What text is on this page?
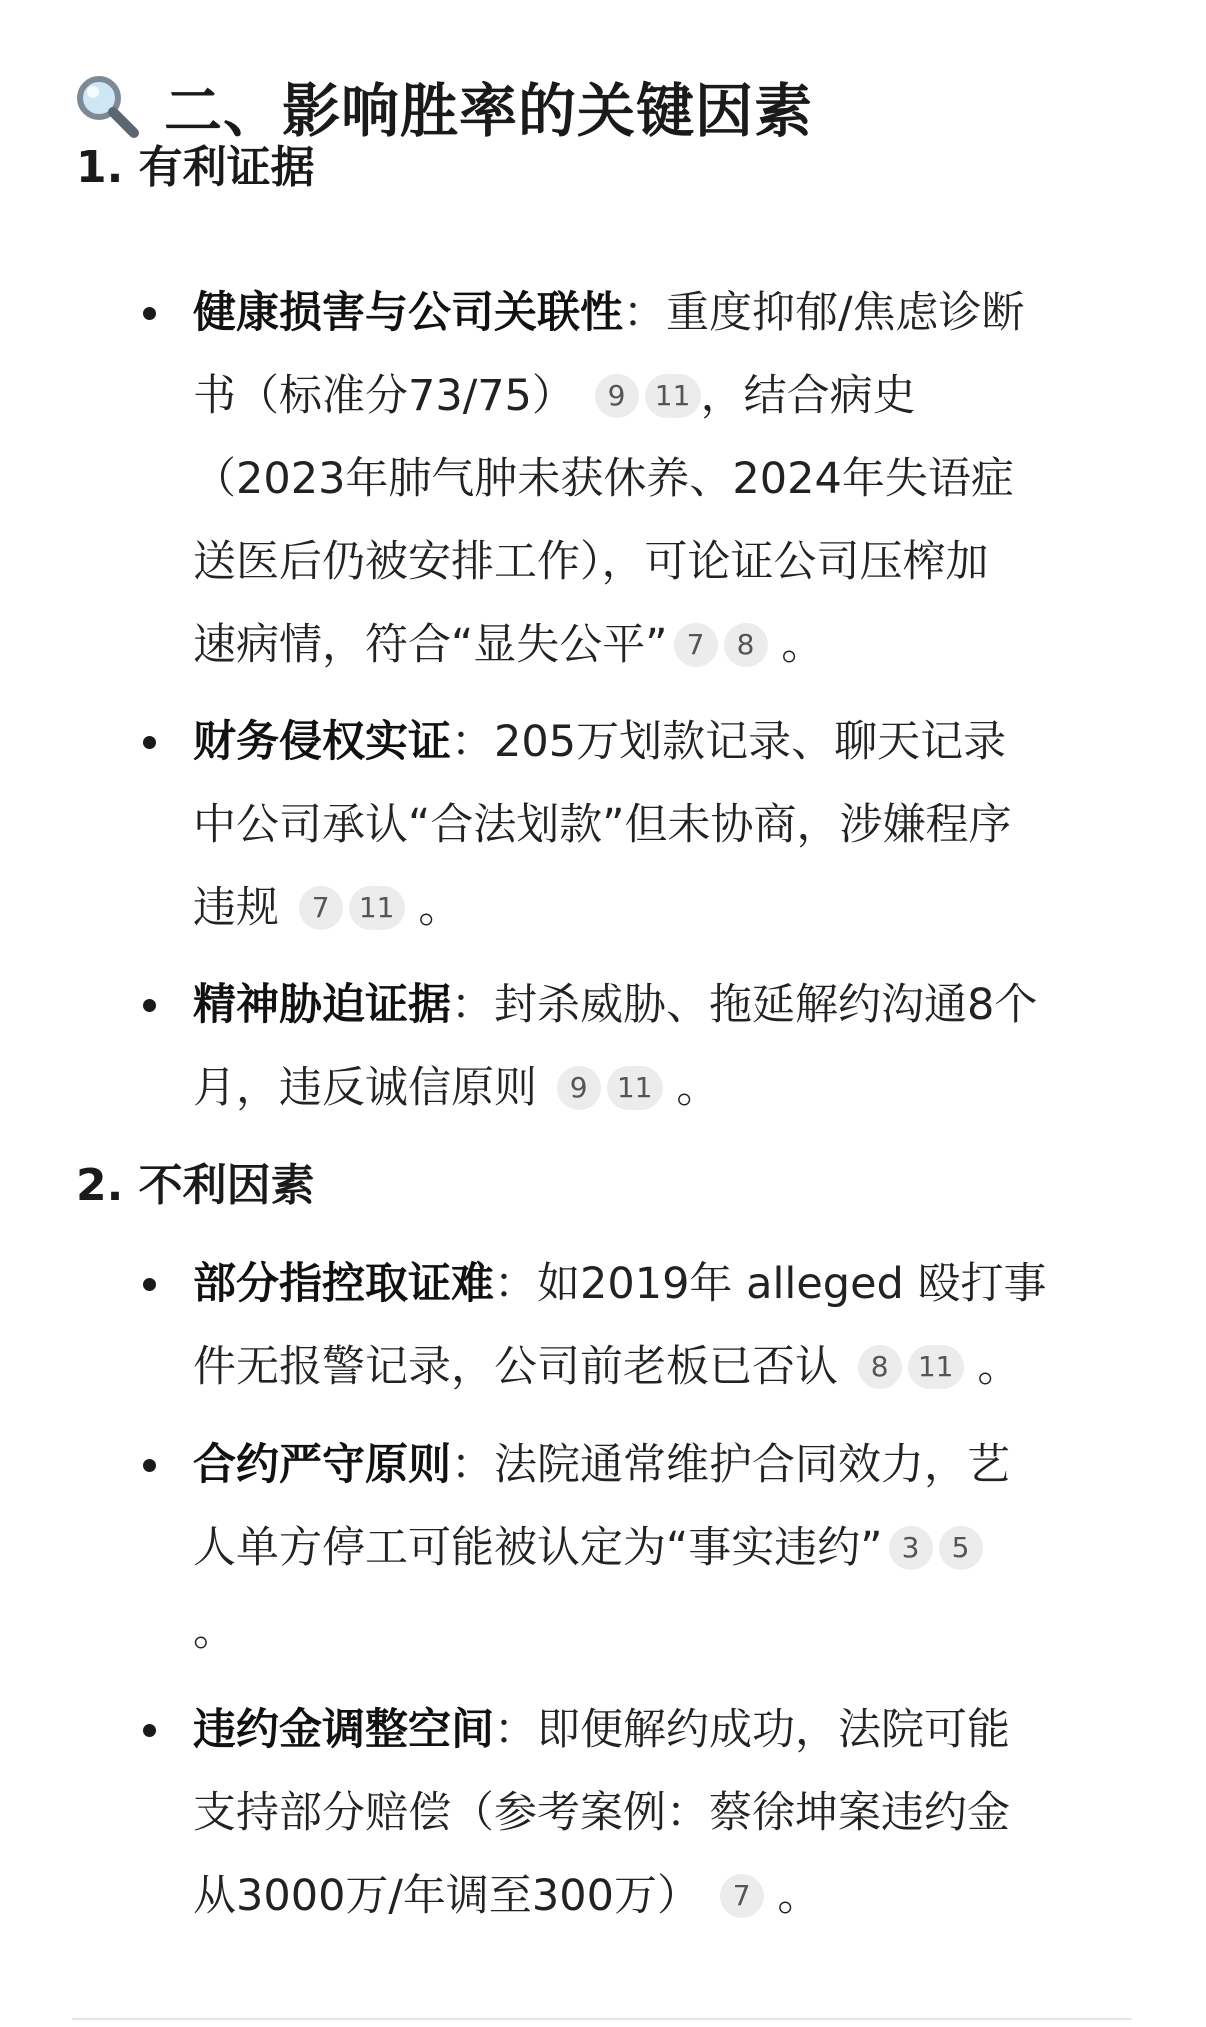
二、影响胜率的关键因素
1. 有利证据
健康损害与公司关联性：重度抑郁/焦虑诊断
书（标准分73/75） 9 11 ，结合病史
（2023年肺气肿未获休养、2024年失语症
送医后仍被安排工作），可论证公司压榨加
速病情，符合“显失公平” 7 8 。
财务侵权实证：205万划款记录、聊天记录
中公司承认“合法划款”但未协商，涉嫌程序
违规 7 11 。
精神胁迫证据：封杀威胁、拖延解约沟通8个
月，违反诚信原则 9 11 。
2. 不利因素
部分指控取证难：如2019年 alleged 殴打事
件无报警记录，公司前老板已否认 8 11 。
合约严守原则：法院通常维护合同效力，艺
人单方停工可能被认定为“事实违约” 3 5
。
违约金调整空间：即便解约成功，法院可能
支持部分赔偿（参考案例：蔡徐坤案违约金
从3000万/年调至300万） 7 。
